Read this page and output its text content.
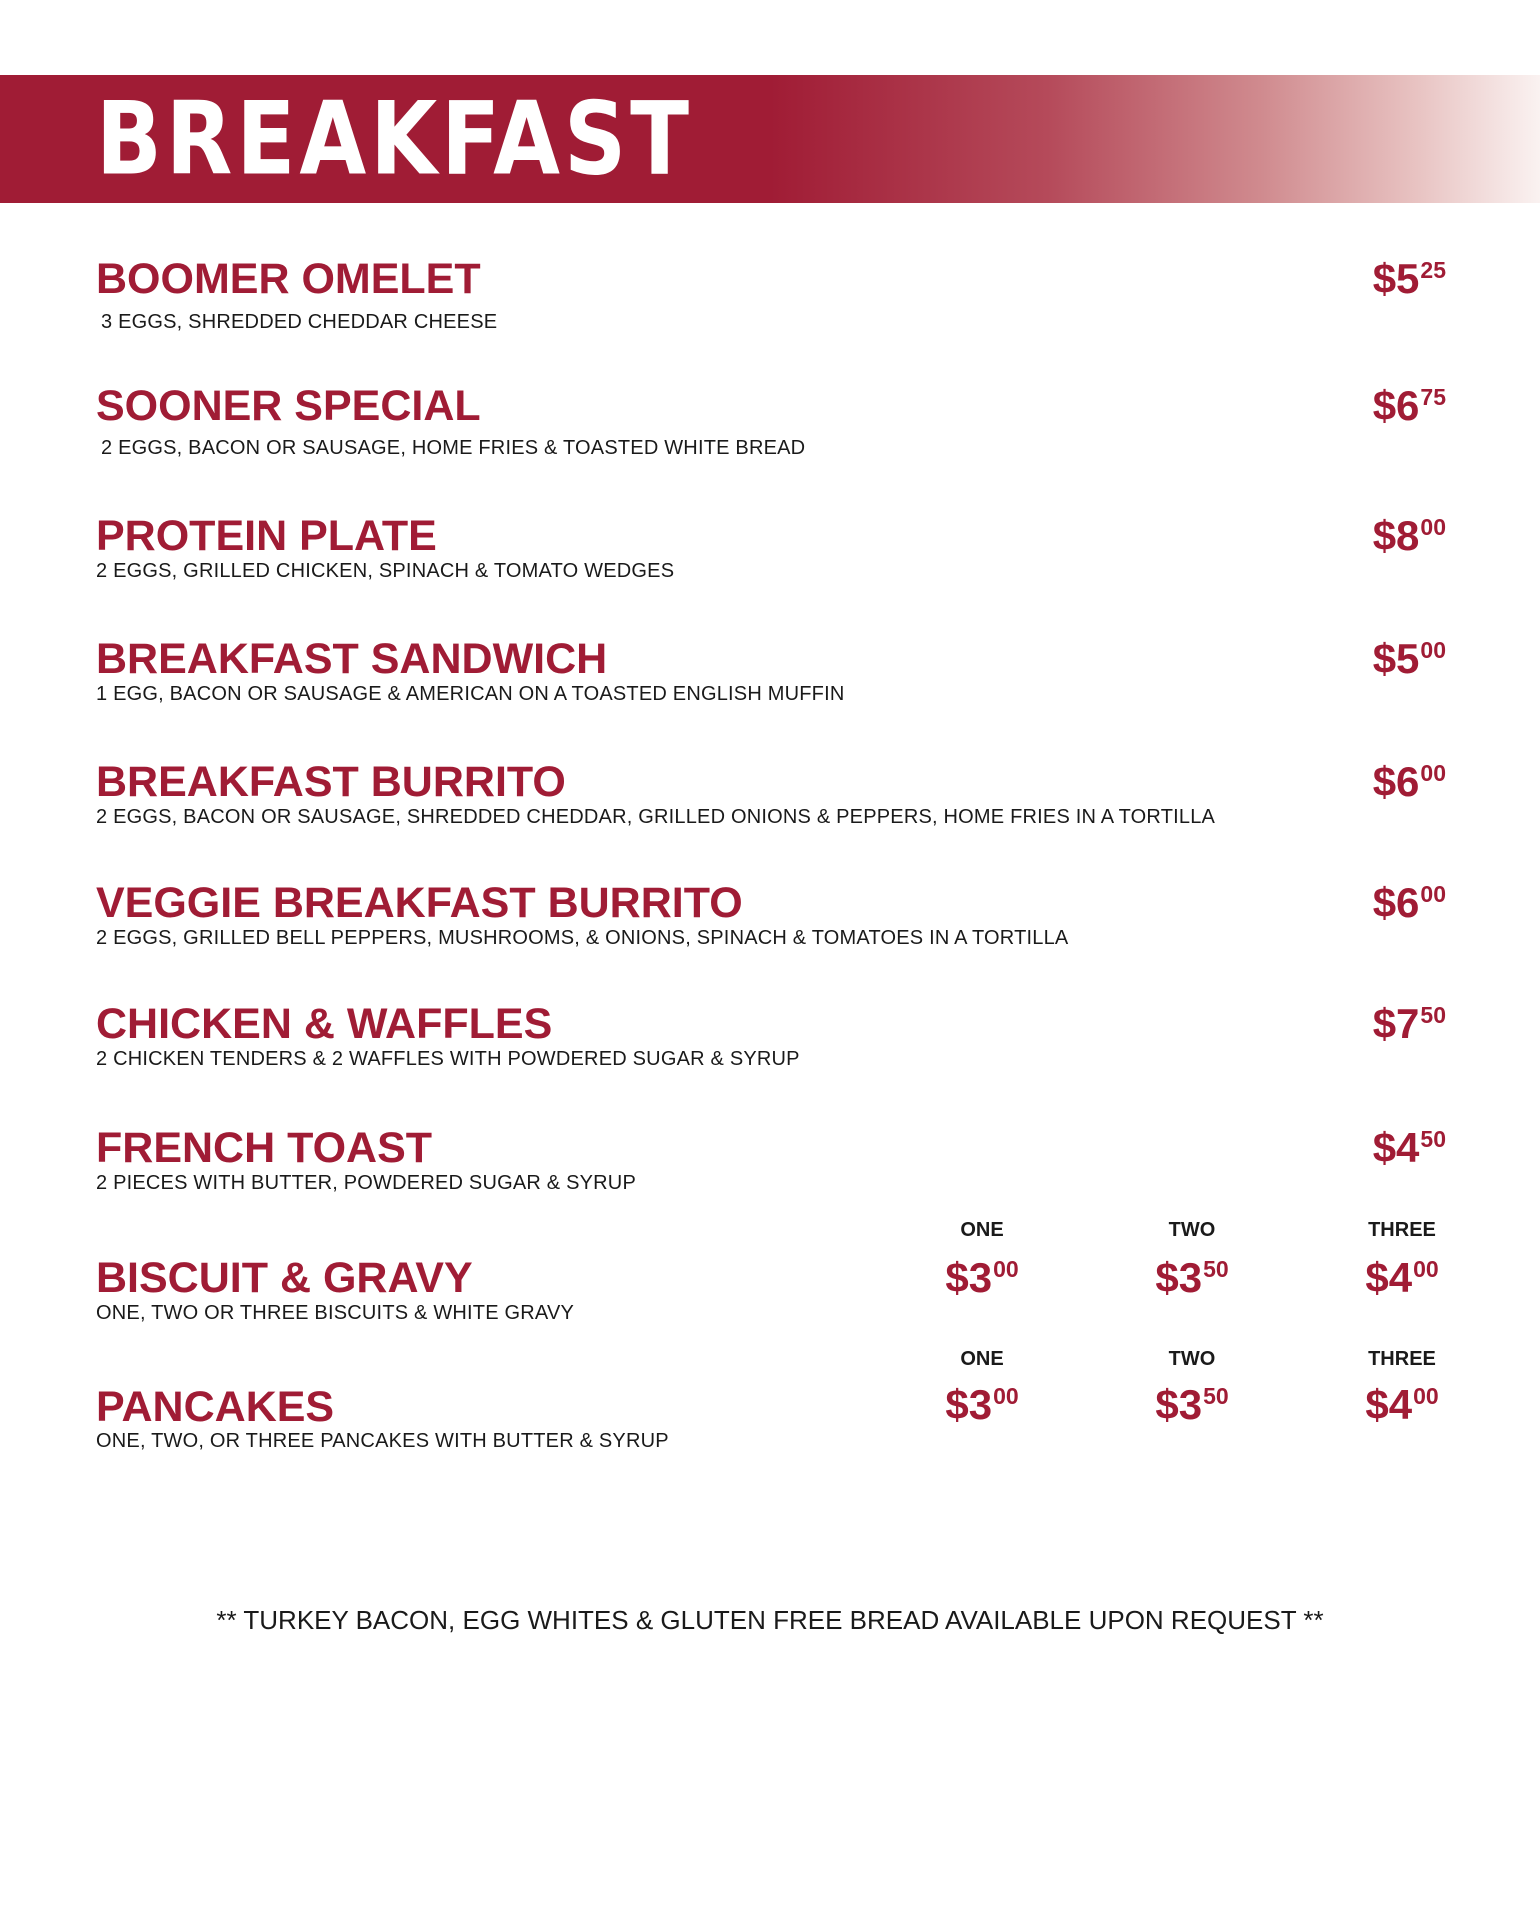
BREAKFAST
BOOMER OMELET
3 EGGS, SHREDDED CHEDDAR CHEESE
$525
SOONER SPECIAL
2 EGGS, BACON OR SAUSAGE, HOME FRIES & TOASTED WHITE BREAD
$675
PROTEIN PLATE
2 EGGS, GRILLED CHICKEN, SPINACH & TOMATO WEDGES
$800
BREAKFAST SANDWICH
1 EGG, BACON OR SAUSAGE & AMERICAN ON A TOASTED ENGLISH MUFFIN
$500
BREAKFAST BURRITO
2 EGGS, BACON OR SAUSAGE, SHREDDED CHEDDAR, GRILLED ONIONS & PEPPERS, HOME FRIES IN A TORTILLA
$600
VEGGIE BREAKFAST BURRITO
2 EGGS, GRILLED BELL PEPPERS, MUSHROOMS, & ONIONS, SPINACH & TOMATOES IN A TORTILLA
$600
CHICKEN & WAFFLES
2 CHICKEN TENDERS & 2 WAFFLES WITH POWDERED SUGAR & SYRUP
$750
FRENCH TOAST
2 PIECES WITH BUTTER, POWDERED SUGAR & SYRUP
$450
ONE	TWO	THREE
$300	$350	$400
BISCUIT & GRAVY
ONE, TWO OR THREE BISCUITS & WHITE GRAVY
ONE	TWO	THREE
$300	$350	$400
PANCAKES
ONE, TWO, OR THREE PANCAKES WITH BUTTER & SYRUP
** TURKEY BACON, EGG WHITES & GLUTEN FREE BREAD AVAILABLE UPON REQUEST **
